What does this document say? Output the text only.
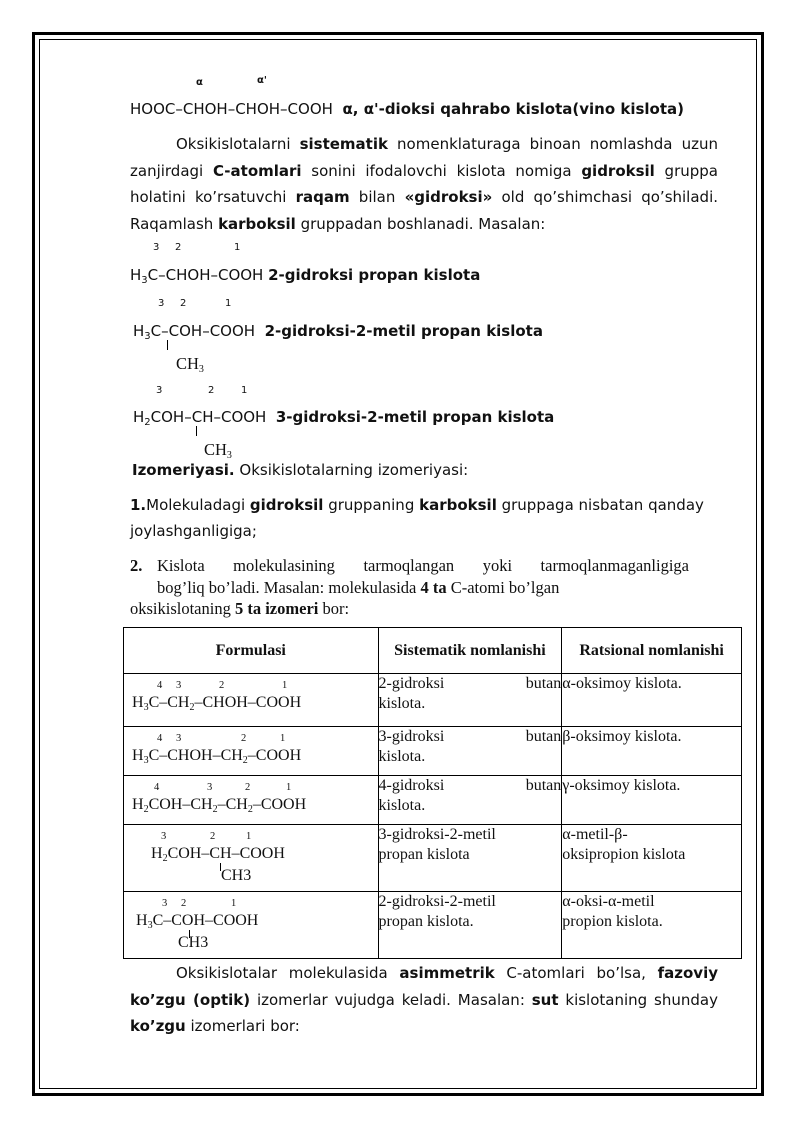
α	α'
HOOC–CHOH–CHOH–COOH α, α'-dioksi qahrabo kislota(vino kislota)
Oksikislotalarni sistematik nomenklaturaga binoan nomlashda uzun
zanjirdagi C-atomlari sonini ifodalovchi kislota nomiga gidroksil gruppa
holatini ko’rsatuvchi raqam bilan «gidroksi» old qo’shimchasi qo’shiladi.
Raqamlash karboksil gruppadan boshlanadi. Masalan:
3 2	1
$H_3C-CHOH$–COOH 2-gidroksi propan kislota
3 2	1
$H_3C-COH$–COOH  2-gidroksi-2-metil propan kislota
$CH_3$
3	2	1
$H_2COH-CH$–COOH  3-gidroksi-2-metil propan kislota
$CH_3$
Izomeriyasi. Oksikislotalarning izomeriyasi:
1.Molekuladagi gidroksil gruppaning karboksil gruppaga nisbatan qanday
joylashganligiga;
2. Kislota molekulasining tarmoqlangan yoki tarmoqlanmaganligiga
bog’liq bo’ladi. Masalan: molekulasida 4 ta C-atomi bo’lgan
oksikislotaning 5 ta izomeri bor:
Formulasi	Sistematik nomlanishi	Ratsional nomlanishi

4 3 2 1
$H_3C-CH_2-CHOH$–COOH	2-gidroksi butan
kislota.	α-oksimoy kislota.

4 3 2 1
$H_3C-CHOH-CH_2$–COOH	3-gidroksi butan
kislota.	β-oksimoy kislota.

4 3 2 1
$H_2COH-CH_2-CH_2$–COOH	4-gidroksi butan
kislota.	γ-oksimoy kislota.

3 2 1
$H_2COH-CH$–COOH
CH3	3-gidroksi-2-metil
propan kislota	α-metil-β-
oksipropion kislota

3 2 1
$H_3C-COH$–COOH
CH3	2-gidroksi-2-metil
propan kislota.	α-oksi-α-metil
propion kislota.
Oksikislotalar molekulasida asimmetrik C-atomlari bo’lsa, fazoviy
ko’zgu (optik) izomerlar vujudga keladi. Masalan: sut kislotaning shunday
ko’zgu izomerlari bor:
